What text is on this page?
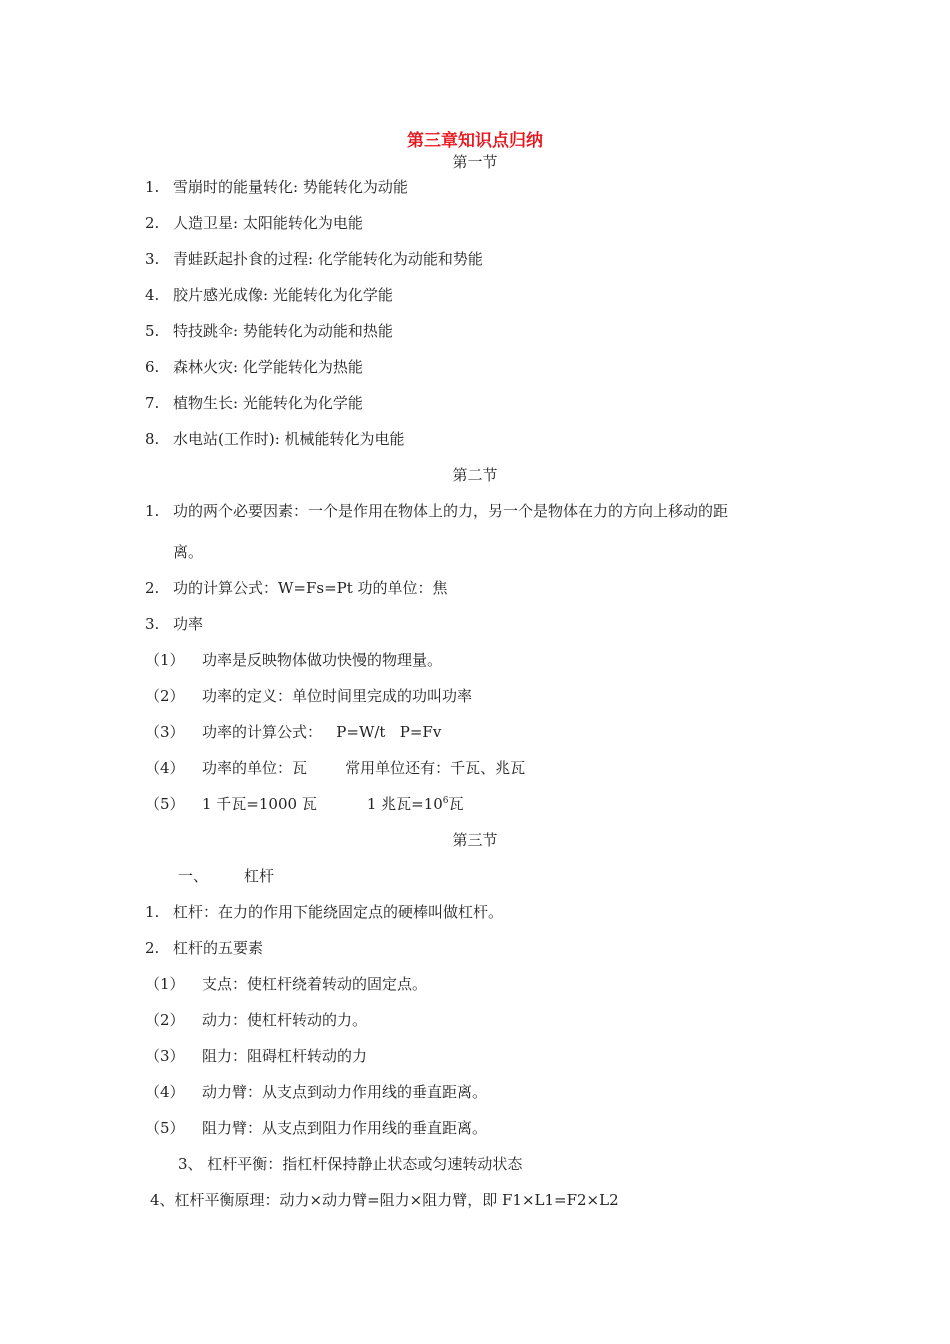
第三章知识点归纳
第一节
1. 雪崩时的能量转化: 势能转化为动能
2. 人造卫星: 太阳能转化为电能
3. 青蛙跃起扑食的过程: 化学能转化为动能和势能
4. 胶片感光成像: 光能转化为化学能
5. 特技跳伞: 势能转化为动能和热能
6. 森林火灾: 化学能转化为热能
7. 植物生长: 光能转化为化学能
8. 水电站(工作时): 机械能转化为电能
第二节
1. 功的两个必要因素：一个是作用在物体上的力，另一个是物体在力的方向上移动的距
离。
2. 功的计算公式：W=Fs=Pt 功的单位：焦
3. 功率
（1） 功率是反映物体做功快慢的物理量。
（2） 功率的定义：单位时间里完成的功叫功率
（3） 功率的计算公式：   P=W/t   P=Fv
（4） 功率的单位：瓦        常用单位还有：千瓦、兆瓦
（5） 1 千瓦=1000 瓦	1 兆瓦$=10^6$瓦
第三节
一、 杠杆
1. 杠杆：在力的作用下能绕固定点的硬棒叫做杠杆。
2. 杠杆的五要素
（1） 支点：使杠杆绕着转动的固定点。
（2） 动力：使杠杆转动的力。
（3） 阻力：阻碍杠杆转动的力
（4） 动力臂：从支点到动力作用线的垂直距离。
（5） 阻力臂：从支点到阻力作用线的垂直距离。
3、 杠杆平衡：指杠杆保持静止状态或匀速转动状态
4、杠杆平衡原理：动力×动力臂=阻力×阻力臂，即 F1×L1=F2×L2
